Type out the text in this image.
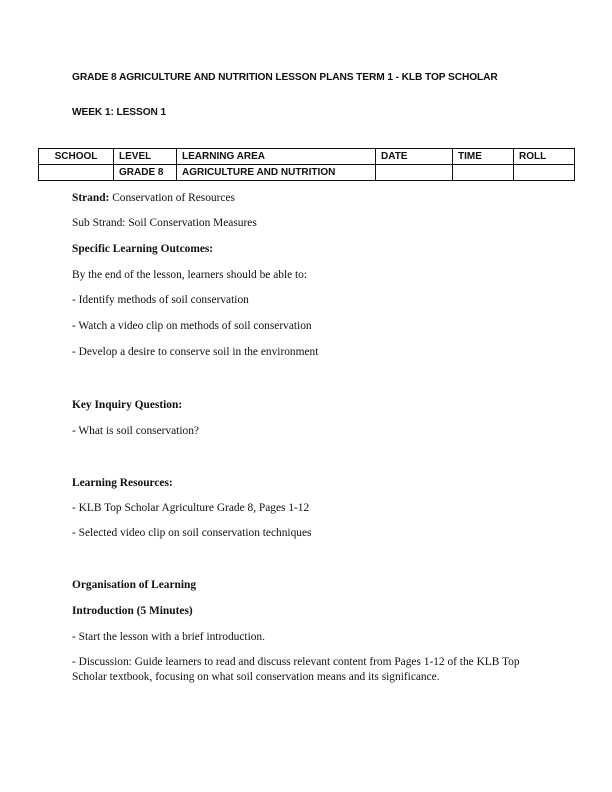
GRADE 8 AGRICULTURE AND NUTRITION LESSON PLANS TERM 1 - KLB TOP SCHOLAR
WEEK 1: LESSON 1
SCHOOL	LEVEL	LEARNING AREA	DATE	TIME	ROLL
	GRADE 8	AGRICULTURE AND NUTRITION			
Strand: Conservation of Resources
Sub Strand: Soil Conservation Measures
Specific Learning Outcomes:
By the end of the lesson, learners should be able to:
- Identify methods of soil conservation
- Watch a video clip on methods of soil conservation
- Develop a desire to conserve soil in the environment
Key Inquiry Question:
- What is soil conservation?
Learning Resources:
- KLB Top Scholar Agriculture Grade 8, Pages 1-12
- Selected video clip on soil conservation techniques
Organisation of Learning
Introduction (5 Minutes)
- Start the lesson with a brief introduction.
- Discussion: Guide learners to read and discuss relevant content from Pages 1-12 of the KLB Top Scholar textbook, focusing on what soil conservation means and its significance.
